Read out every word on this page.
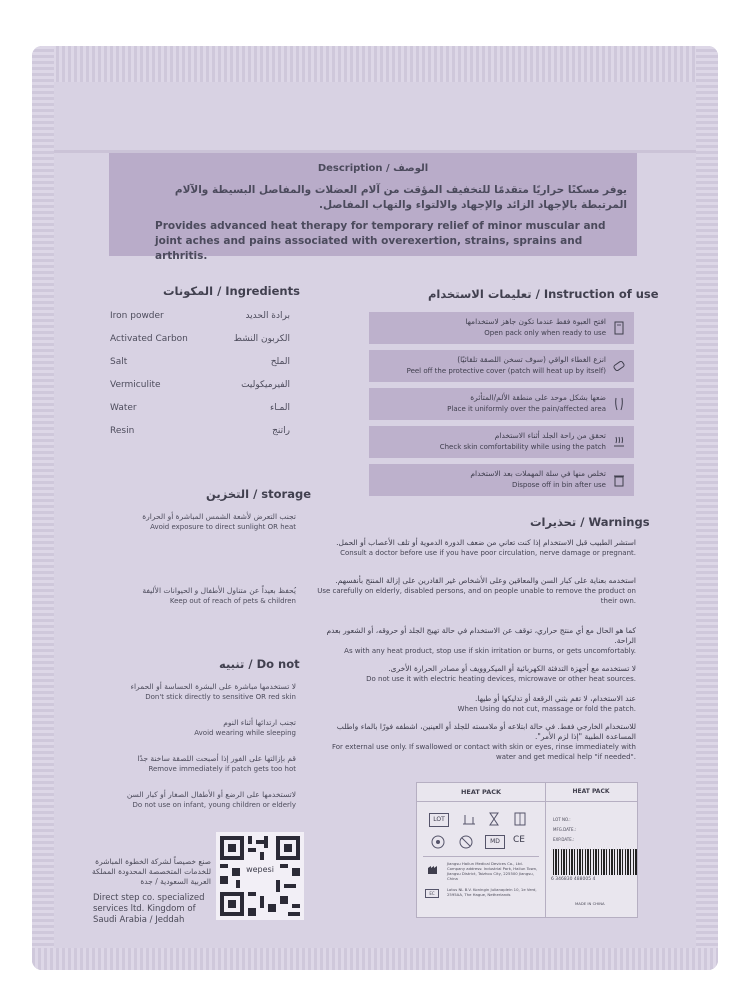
Description / الوصف
يوفر مسكنًا حراريًا متقدمًا للتخفيف المؤقت من آلام العضلات والمفاصل البسيطة والآلام المرتبطة بالإجهاد الزائد والإجهاد والالتواء والتهاب المفاصل.
Provides advanced heat therapy for temporary relief of minor muscular and joint aches and pains associated with overexertion, strains, sprains and arthritis.
المكونات / Ingredients
Iron powder	برادة الحديد
Activated Carbon	الكربون النشط
Salt	الملح
Vermiculite	الفيرميكوليت
Water	المـاء
Resin	راتنج
تعليمات الاستخدام / Instruction of use
افتح العبوة فقط عندما تكون جاهز لاستخدامها
Open pack only when ready to use
انزع الغطاء الواقي (سوف تسخن اللصقة تلقائيًا)
Peel off the protective cover (patch will heat up by itself)
ضعها بشكل موحد على منطقة الألم/المتأثرة
Place it uniformly over the pain/affected area
تحقق من راحة الجلد أثناء الاستخدام
Check skin comfortability while using the patch
تخلص منها في سلة المهملات بعد الاستخدام
Dispose off in bin after use
التخزين / storage
تجنب التعرض لأشعة الشمس المباشرة أو الحرارة
Avoid exposure to direct sunlight OR heat
يُحفظ بعيداً عن متناول الأطفال و الحيوانات الأليفة
Keep out of reach of pets & children
تنبيه / Do not
لا تستخدمها مباشرة على البشرة الحساسة أو الحمراء
Don't stick directly to sensitive OR red skin
تجنب ارتدائها أثناء النوم
Avoid wearing while sleeping
قم بإزالتها على الفور إذا أصبحت اللصقة ساخنة جدًا
Remove immediately if patch gets too hot
لاتستخدمها على الرضع أو الأطفال الصغار أو كبار السن
Do not use on infant, young children or elderly
تحذيرات / Warnings
استشر الطبيب قبل الاستخدام إذا كنت تعاني من ضعف الدورة الدموية أو تلف الأعصاب أو الحمل.
Consult a doctor before use if you have poor circulation, nerve damage or pregnant.
استخدمه بعناية على كبار السن والمعاقين وعلى الأشخاص غير القادرين على إزالة المنتج بأنفسهم.
Use carefully on elderly, disabled persons, and on people unable to remove the product on their own.
كما هو الحال مع أي منتج حراري، توقف عن الاستخدام في حالة تهيج الجلد أو حروقه، أو الشعور بعدم الراحة.
As with any heat product, stop use if skin irritation or burns, or gets uncomfortably.
لا تستخدمه مع أجهزة التدفئة الكهربائية أو الميكروويف أو مصادر الحرارة الأخرى.
Do not use it with electric heating devices, microwave or other heat sources.
عند الاستخدام، لا تقم بثني الرقعة أو تدليكها أو طيها.
When Using do not cut, massage or fold the patch.
للاستخدام الخارجي فقط. في حالة ابتلاعه أو ملامسته للجلد أو العينين، اشطفه فورًا بالماء واطلب المساعدة الطبية "إذا لزم الأمر".
For external use only. If swallowed or contact with skin or eyes, rinse immediately with water and get medical help "if needed".
صنع خصيصاً لشركة الخطوة المباشرة للخدمات المتخصصة المحدودة المملكة العربية السعودية / جدة
Direct step co. specialized services ltd. Kingdom of Saudi Arabia / Jeddah
wepesi
HEAT PACK
LOT
MD	CE
Jiangsu Hailun Medical Devices Co., Ltd. Company address: Industrial Park, Hailun Town, Jiangsu District, Taizhou City, 225500 Jiangsu, China
EC
Lotus NL B.V. Koningin Julianaplein 10, 1e Verd, 2595AA, The Hague, Netherlands
HEAT PACK
LOT NO.:
MFG.DATE.:
EXP.DATE.:
6 346830 488005 4
MADE IN CHINA
